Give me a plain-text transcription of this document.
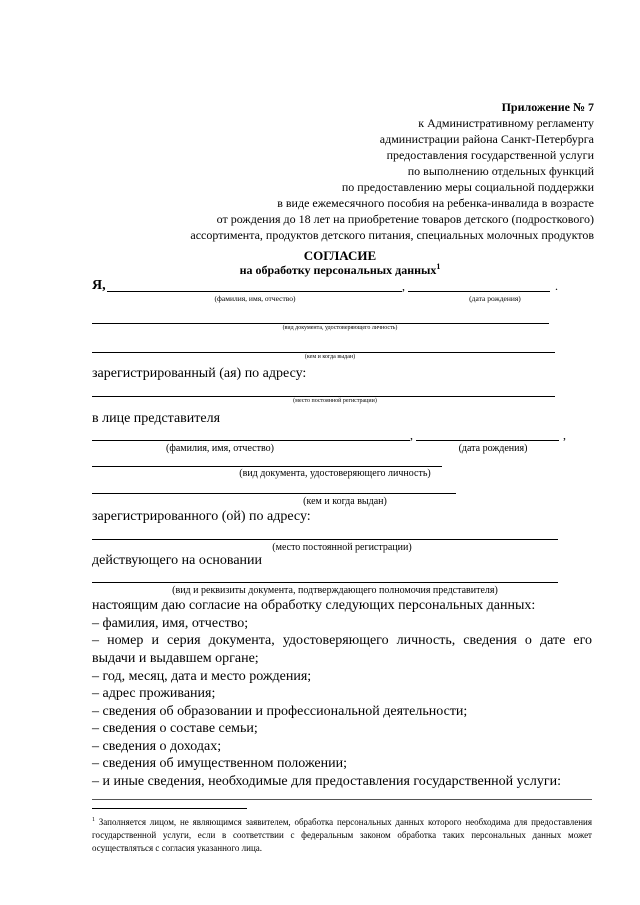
Приложение № 7
к Административному регламенту
администрации района Санкт-Петербурга
предоставления государственной услуги
по выполнению отдельных функций
по предоставлению меры социальной поддержки
в виде ежемесячного пособия на ребенка-инвалида в возрасте
от рождения до 18 лет на приобретение товаров детского (подросткового)
ассортимента, продуктов детского питания, специальных молочных продуктов
СОГЛАСИЕ
на обработку персональных данных$^1$
Я,	,	.
(фамилия, имя, отчество)	(дата рождения)
(вид документа, удостоверяющего личность)
(кем и когда выдан)
зарегистрированный (ая) по адресу:
(место постоянной регистрации)
в лице представителя
,	,
(фамилия, имя, отчество)	(дата рождения)
(вид документа, удостоверяющего личность)
(кем и когда выдан)
зарегистрированного (ой) по адресу:
(место постоянной регистрации)
действующего на основании
(вид и реквизиты документа, подтверждающего полномочия представителя)
настоящим даю согласие на обработку следующих персональных данных:
– фамилия, имя, отчество;
– номер и серия документа, удостоверяющего личность, сведения о дате его
выдачи и выдавшем органе;
– год, месяц, дата и место рождения;
– адрес проживания;
– сведения об образовании и профессиональной деятельности;
– сведения о составе семьи;
– сведения о доходах;
– сведения об имущественном положении;
– и иные сведения, необходимые для предоставления государственной услуги:
$^1$ Заполняется лицом, не являющимся заявителем, обработка персональных данных которого необходима для предоставления государственной услуги, если в соответствии с федеральным законом обработка таких персональных данных может осуществляться с согласия указанного лица.
